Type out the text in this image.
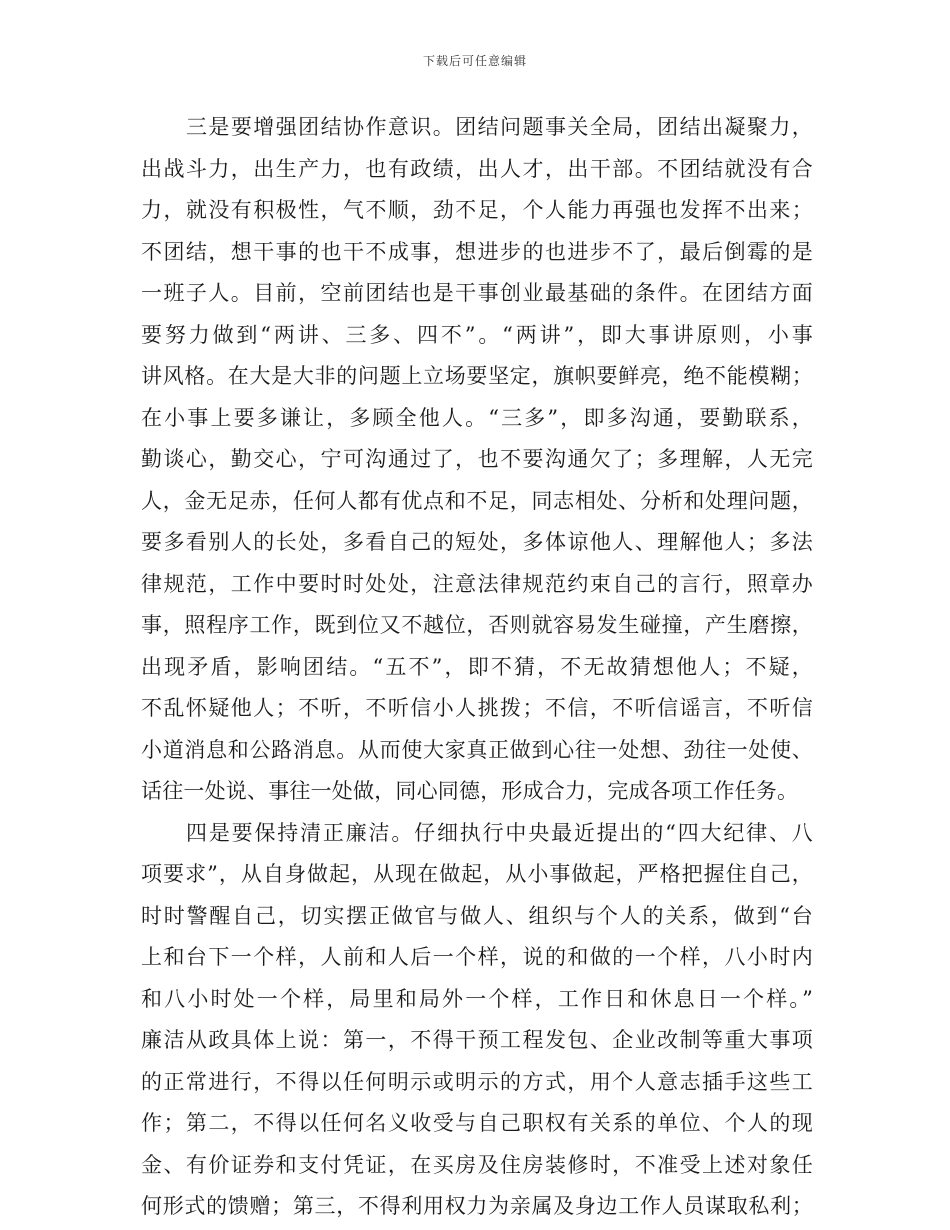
下载后可任意编辑
三是要增强团结协作意识。团结问题事关全局，团结出凝聚力，
出战斗力，出生产力，也有政绩，出人才，出干部。不团结就没有合
力，就没有积极性，气不顺，劲不足，个人能力再强也发挥不出来；
不团结，想干事的也干不成事，想进步的也进步不了，最后倒霉的是
一班子人。目前，空前团结也是干事创业最基础的条件。在团结方面
要努力做到“两讲、三多、四不”。“两讲”，即大事讲原则，小事
讲风格。在大是大非的问题上立场要坚定，旗帜要鲜亮，绝不能模糊；
在小事上要多谦让，多顾全他人。“三多”，即多沟通，要勤联系，
勤谈心，勤交心，宁可沟通过了，也不要沟通欠了；多理解，人无完
人，金无足赤，任何人都有优点和不足，同志相处、分析和处理问题，
要多看别人的长处，多看自己的短处，多体谅他人、理解他人；多法
律规范，工作中要时时处处，注意法律规范约束自己的言行，照章办
事，照程序工作，既到位又不越位，否则就容易发生碰撞，产生磨擦，
出现矛盾，影响团结。“五不”，即不猜，不无故猜想他人；不疑，
不乱怀疑他人；不听，不听信小人挑拨；不信，不听信谣言，不听信
小道消息和公路消息。从而使大家真正做到心往一处想、劲往一处使、
话往一处说、事往一处做，同心同德，形成合力，完成各项工作任务。
四是要保持清正廉洁。仔细执行中央最近提出的“四大纪律、八
项要求”，从自身做起，从现在做起，从小事做起，严格把握住自己，
时时警醒自己，切实摆正做官与做人、组织与个人的关系，做到“台
上和台下一个样，人前和人后一个样，说的和做的一个样，八小时内
和八小时处一个样，局里和局外一个样，工作日和休息日一个样。”
廉洁从政具体上说：第一，不得干预工程发包、企业改制等重大事项
的正常进行，不得以任何明示或明示的方式，用个人意志插手这些工
作；第二，不得以任何名义收受与自己职权有关系的单位、个人的现
金、有价证券和支付凭证，在买房及住房装修时，不准受上述对象任
何形式的馈赠；第三，不得利用权力为亲属及身边工作人员谋取私利；
